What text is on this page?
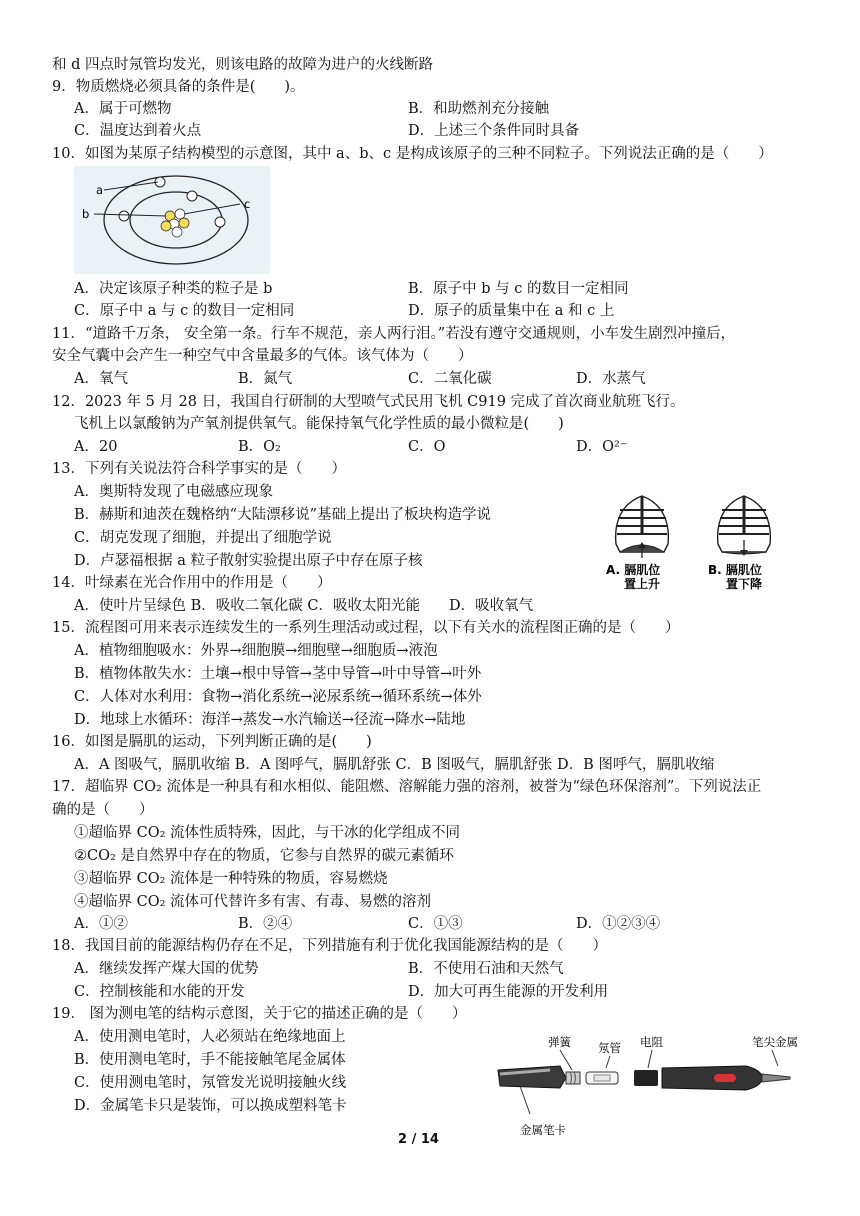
和 d 四点时氖管均发光，则该电路的故障为进户的火线断路
9．物质燃烧必须具备的条件是(　　)。
A．属于可燃物	B．和助燃剂充分接触
C．温度达到着火点	D．上述三个条件同时具备
10．如图为某原子结构模型的示意图，其中 a、b、c 是构成该原子的三种不同粒子。下列说法正确的是（　　）
a
b
c
A．决定该原子种类的粒子是 b	B．原子中 b 与 c 的数目一定相同
C．原子中 a 与 c 的数目一定相同	D．原子的质量集中在 a 和 c 上
11．“道路千万条， 安全第一条。行车不规范，亲人两行泪。”若没有遵守交通规则，小车发生剧烈冲撞后，
安全气囊中会产生一种空气中含量最多的气体。该气体为（　　）
A．氧气	B．氮气	C．二氧化碳	D．水蒸气
12．2023 年 5 月 28 日，我国自行研制的大型喷气式民用飞机 C919 完成了首次商业航班飞行。
飞机上以氯酸钠为产氧剂提供氧气。能保持氧气化学性质的最小微粒是(　　)
A．20	B．O₂	C．O	D．O²⁻
13．下列有关说法符合科学事实的是（　　）
A．奥斯特发现了电磁感应现象
B．赫斯和迪茨在魏格纳“大陆漂移说”基础上提出了板块构造学说
C．胡克发现了细胞，并提出了细胞学说
D．卢瑟福根据 a 粒子散射实验提出原子中存在原子核
A. 膈肌位
置上升
B. 膈肌位
置下降
14．叶绿素在光合作用中的作用是（　　）
A．使叶片呈绿色 B．吸收二氧化碳 C．吸收太阳光能　　D．吸收氧气
15．流程图可用来表示连续发生的一系列生理活动或过程，以下有关水的流程图正确的是（　　）
A．植物细胞吸水：外界→细胞膜→细胞壁→细胞质→液泡
B．植物体散失水：土壤→根中导管→茎中导管→叶中导管→叶外
C．人体对水利用：食物→消化系统→泌尿系统→循环系统→体外
D．地球上水循环：海洋→蒸发→水汽输送→径流→降水→陆地
16．如图是膈肌的运动，下列判断正确的是(　　)
A．A 图吸气，膈肌收缩 B．A 图呼气，膈肌舒张 C．B 图吸气，膈肌舒张 D．B 图呼气，膈肌收缩
17．超临界 CO₂ 流体是一种具有和水相似、能阻燃、溶解能力强的溶剂，被誉为“绿色环保溶剂”。下列说法正
确的是（　　）
①超临界 CO₂ 流体性质特殊，因此，与干冰的化学组成不同
②CO₂ 是自然界中存在的物质，它参与自然界的碳元素循环
③超临界 CO₂ 流体是一种特殊的物质，容易燃烧
④超临界 CO₂ 流体可代替许多有害、有毒、易燃的溶剂
A．①②	B．②④	C．①③	D．①②③④
18．我国目前的能源结构仍存在不足，下列措施有利于优化我国能源结构的是（　　）
A．继续发挥产煤大国的优势	B．不使用石油和天然气
C．控制核能和水能的开发	D．加大可再生能源的开发利用
19． 图为测电笔的结构示意图，关于它的描述正确的是（　　）
A．使用测电笔时，人必须站在绝缘地面上
B．使用测电笔时，手不能接触笔尾金属体
C．使用测电笔时，氖管发光说明接触火线
D．金属笔卡只是装饰，可以换成塑料笔卡
弹簧 氖管 电阻	笔尖金属
金属笔卡
2 / 14
